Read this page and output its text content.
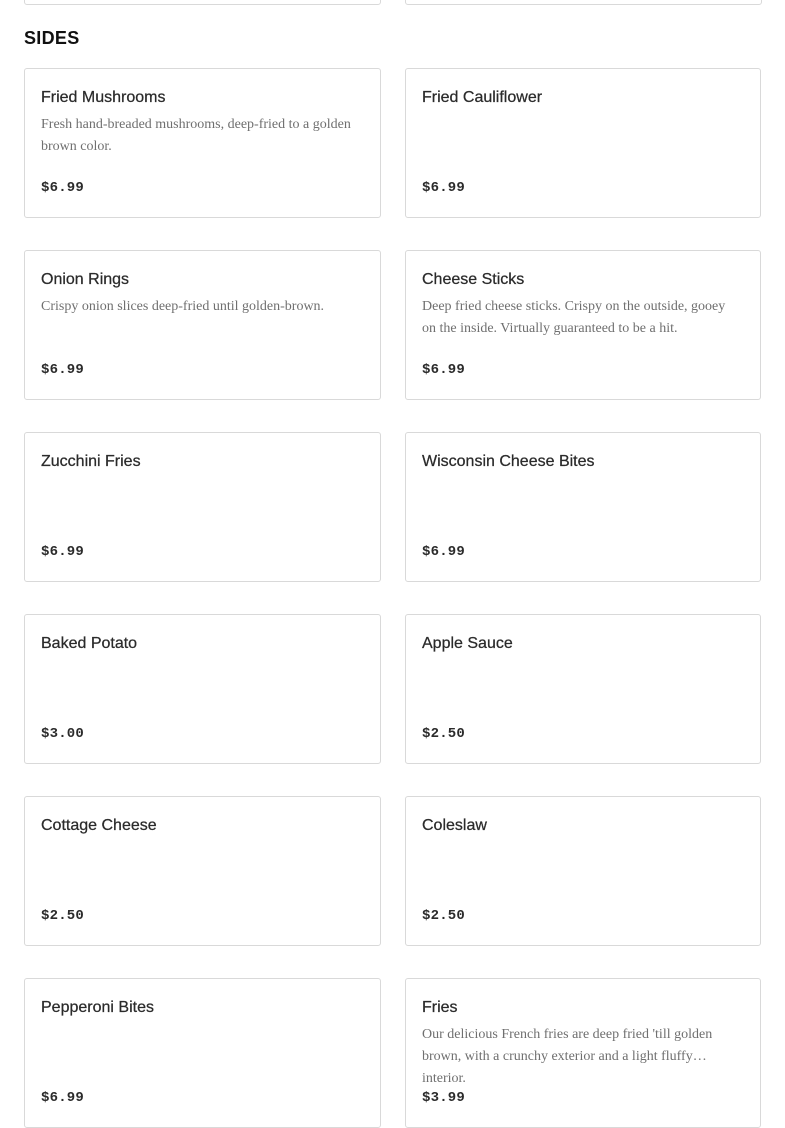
SIDES

Fried Mushrooms

Fresh hand-breaded mushrooms, deep-fried to a golden brown color.

$6.99

Fried Cauliflower

$6.99

Onion Rings

Crispy onion slices deep-fried until golden-brown.

$6.99

Cheese Sticks

Deep fried cheese sticks. Crispy on the outside, gooey on the inside. Virtually guaranteed to be a hit.

$6.99

Zucchini Fries

$6.99

Wisconsin Cheese Bites

$6.99

Baked Potato

$3.00

Apple Sauce

$2.50

Cottage Cheese

$2.50

Coleslaw

$2.50

Pepperoni Bites

$6.99

Fries

Our delicious French fries are deep fried 'till golden brown, with a crunchy exterior and a light fluffy interior.

$3.99
